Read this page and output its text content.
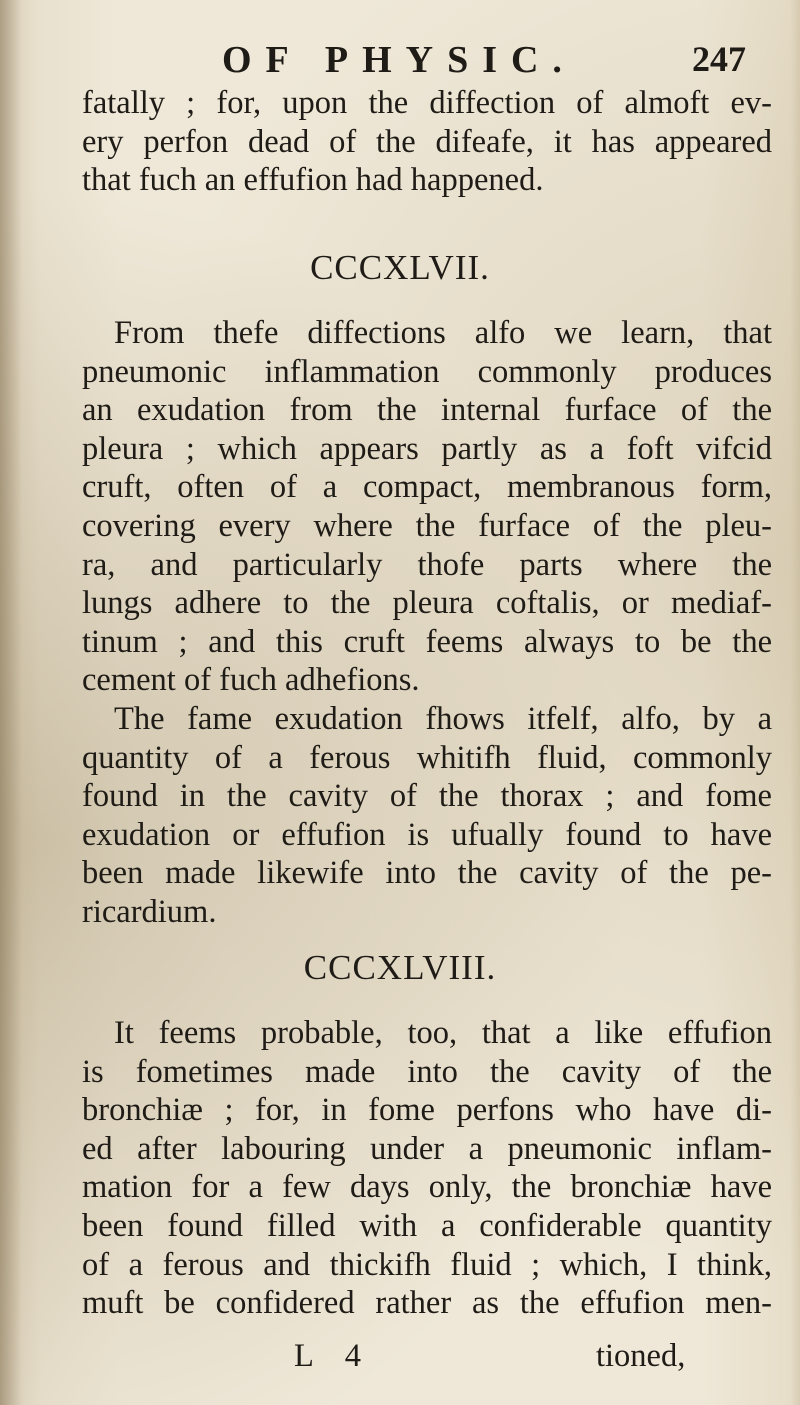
OF PHYSIC.	247
fatally ; for, upon the diffection of almoft ev-
ery perfon dead of the difeafe, it has appeared
that fuch an effufion had happened.
CCCXLVII.
From thefe diffections alfo we learn, that
pneumonic inflammation commonly produces
an exudation from the internal furface of the
pleura ; which appears partly as a foft vifcid
cruft, often of a compact, membranous form,
covering every where the furface of the pleu-
ra, and particularly thofe parts where the
lungs adhere to the pleura coftalis, or mediaf-
tinum ; and this cruft feems always to be the
cement of fuch adhefions.
The fame exudation fhows itfelf, alfo, by a
quantity of a ferous whitifh fluid, commonly
found in the cavity of the thorax ; and fome
exudation or effufion is ufually found to have
been made likewife into the cavity of the pe-
ricardium.
CCCXLVIII.
It feems probable, too, that a like effufion
is fometimes made into the cavity of the
bronchiæ ; for, in fome perfons who have di-
ed after labouring under a pneumonic inflam-
mation for a few days only, the bronchiæ have
been found filled with a confiderable quantity
of a ferous and thickifh fluid ; which, I think,
muft be confidered rather as the effufion men-
L 4	tioned,
